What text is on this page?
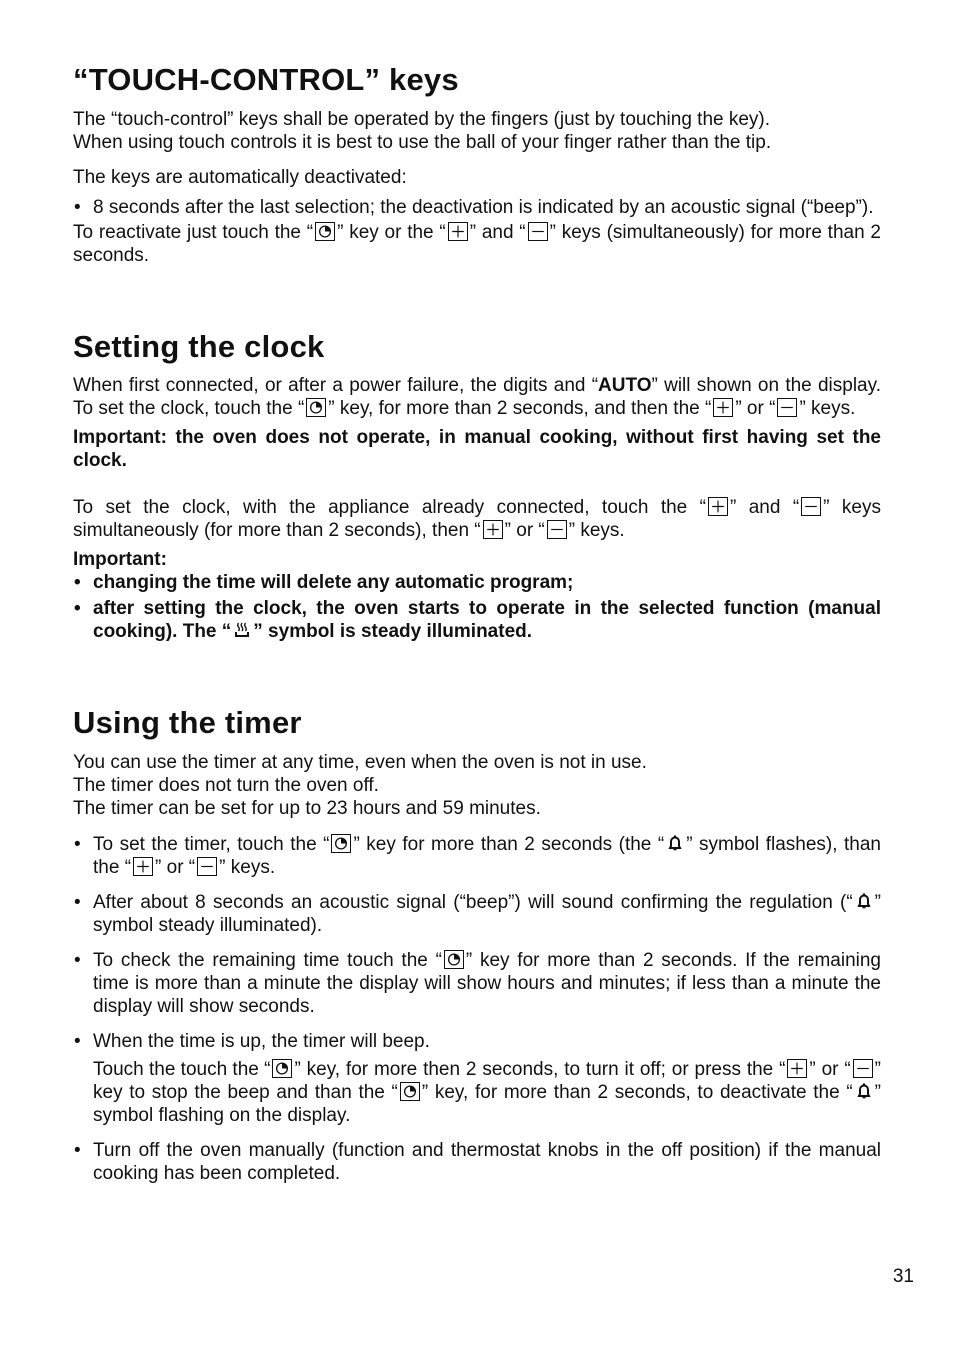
“TOUCH-CONTROL” keys

The “touch-control” keys shall be operated by the fingers (just by touching the key).

When using touch controls it is best to use the ball of your finger rather than the tip.

The keys are automatically deactivated:

• 8 seconds after the last selection; the deactivation is indicated by an acoustic signal (“beep”).

To reactivate just touch the “ ” key or the “ ” and “ ” keys (simultaneously) for more than 2 seconds.

Setting the clock

When first connected, or after a power failure, the digits and “AUTO” will shown on the display. To set the clock, touch the “ ” key, for more than 2 seconds, and then the “ ” or “ ” keys.

Important: the oven does not operate, in manual cooking, without first having set the clock.

To set the clock, with the appliance already connected, touch the “ ” and “ ” keys simultaneously (for more than 2 seconds), then “ ” or “ ” keys.

Important:

• changing the time will delete any automatic program;
• after setting the clock, the oven starts to operate in the selected function (manual cooking). The “ ” symbol is steady illuminated.
Using the timer

You can use the timer at any time, even when the oven is not in use.

The timer does not turn the oven off.

The timer can be set for up to 23 hours and 59 minutes.

• To set the timer, touch the “ ” key for more than 2 seconds (the “ ” symbol flashes), than the “ ” or “ ” keys.
• After about 8 seconds an acoustic signal (“beep”) will sound confirming the regulation (“ ” symbol steady illuminated).
• To check the remaining time touch the “ ” key for more than 2 seconds. If the remaining time is more than a minute the display will show hours and minutes; if less than a minute the display will show seconds.
• When the time is up, the timer will beep.
Touch the touch the “ ” key, for more then 2 seconds, to turn it off; or press the “ ” or “ ” key to stop the beep and than the “ ” key, for more than 2 seconds, to deactivate the “ ” symbol flashing on the display.
• Turn off the oven manually (function and thermostat knobs in the off position) if the manual cooking has been completed.
31
